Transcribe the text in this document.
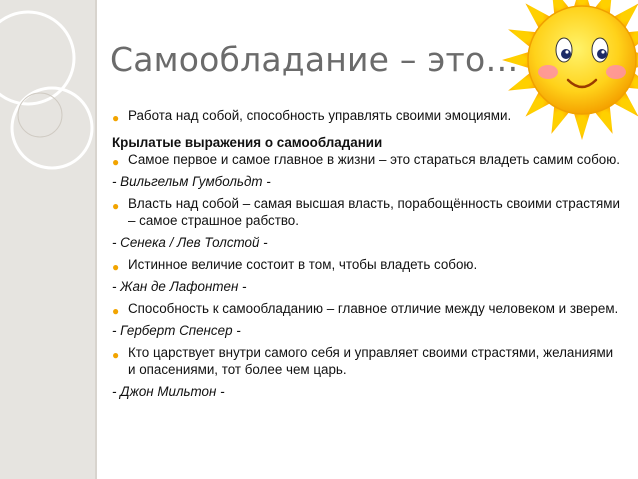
Самообладание – это…

● Работа над собой, способность управлять своими эмоциями.

Крылатые выражения о самообладании

● Самое первое и самое главное в жизни – это стараться владеть самим собою.

- Вильгельм Гумбольдт -

● Власть над собой – самая высшая власть, порабощённость своими страстями – самое страшное рабство.

- Сенека / Лев Толстой -

● Истинное величие состоит в том, чтобы владеть собою.

- Жан де Лафонтен -

● Способность к самообладанию – главное отличие между человеком и зверем.

- Герберт Спенсер -

● Кто царствует внутри самого себя и управляет своими страстями, желаниями и опасениями, тот более чем царь.

- Джон Мильтон -
